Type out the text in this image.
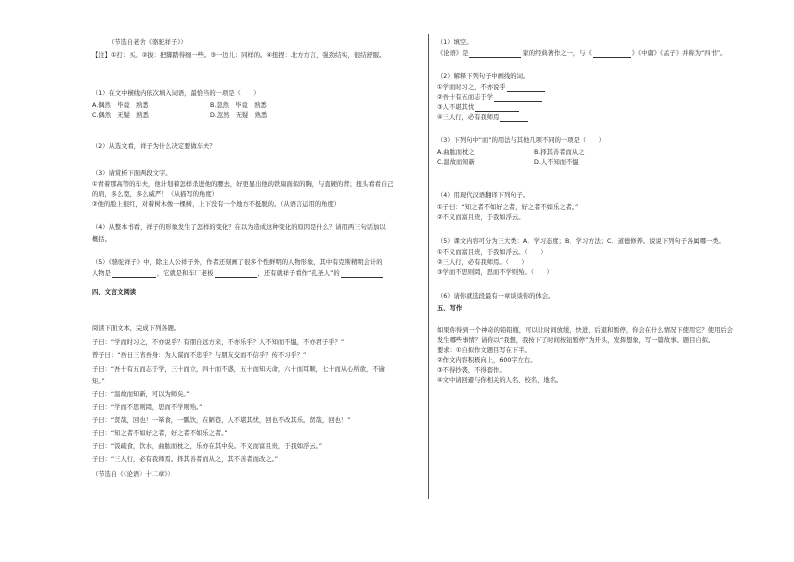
（节选自老舍《骆驼祥子》）
【注】①打：买。②拔：把脚踏得细一些。③一边儿：同样的。④扭捏：北方方言，强劲结实，很结舒服。
（1）在文中横线内依次填入词语，最恰当的一项是（　　）
A.偶然　毕竟　熟悉	B.忽然　毕竟　熟悉
C.偶然　无疑　熟悉	D.忽然　无疑　熟悉
（2）从选文看，祥子为什么决定要做车夫？
（3）请赏析下面两段文字。
①青着那高等的车夫，他计划着怎样杀进他的腰去，好更显出他的铁扇面似的胸，与直硬的背；扭头看看自己
的肩，多么宽，多么威严！（从描写的角度）
②他的脸上很红，对着树木像一棵树，上下没有一个地方不挺脱的。（从语言运用的角度）
（4）从整本书看，祥子的形象发生了怎样的变化？在以为造成这种变化的原因是什么？请用两三句话加以
概括。
（5）《骆驼祥子》中，除主人公祥子外，作者还刻画了很多个性鲜明的人物形象，其中有克斯精明会计的
人物是	，它就是和车厂老板	，还有就祥子看作“孔圣人”的
四、文言文阅读
阅读下面文本，完成下列各题。
子曰：“学而时习之，不亦说乎？有朋自远方来，不亦乐乎？人不知而不愠，不亦君子乎？”
曾子曰：“吾日三省吾身：为人谋而不忠乎？与朋友交而不信乎？传不习乎？”
子曰：“吾十有五而志于学，三十而立，四十而不惑，五十而知天命，六十而耳顺，七十而从心所欲，不逾
矩。”
子曰：“温故而知新，可以为师矣。”
子曰：“学而不思则罔，思而不学则殆。”
子曰：“贤哉，回也！一箪食，一瓢饮，在陋巷，人不堪其忧，回也不改其乐。贤哉，回也！”
子曰：“知之者不如好之者，好之者不如乐之者。”
子曰：“饭疏食，饮水，曲肱而枕之，乐亦在其中矣。不义而富且贵，于我如浮云。”
子曰：“三人行，必有我师焉。择其善者而从之，其不善者而改之。”
（节选自《〈论语〉十二章》）
（1）填空。
《论语》是	家的经典著作之一，与《	》《中庸》《孟子》并称为“四书”。
（2）解释下列句子中画线的词。
①学而时习之，不亦说乎
②吾十有五而志于学
③人不堪其忧
④三人行，必有我师焉
（3）下列句中“而”的用法与其他几项不同的一项是（　　）
A.曲肱而枕之	B.择其善者而从之
C.温故而知新	D.人不知而不愠
（4）用现代汉语翻译下列句子。
①子曰：“知之者不如好之者，好之者不如乐之者。”
②不义而富且贵，于我如浮云。
（5）课文内容可分为三大类：A．学习态度；B．学习方法；C．道德修养。说说下列句子各属哪一类。
①不义而富且贵，于我如浮云。（　　）
②三人行，必有我师焉。（　　）
③学而不思则罔，思而不学则殆。（　　）
（6）请你就选段最有一章谈谈你的体会。
五、写作
如果你得到一个神奇的铅铅瓶，可以让时间放缓，快进、后退和暂停，你会在什么情况下使用它？使用后会
发生哪些事情？请你以“我想，我按下了时间按钮暂停”为开头，发挥想象，写一篇故事。题目自拟。
要求：①自拟作文题目写在下半。
②作文内容积极向上，600字左右。
③不得抄袭，不得套作。
④文中请回避与你相关的人名、校名、地名。
